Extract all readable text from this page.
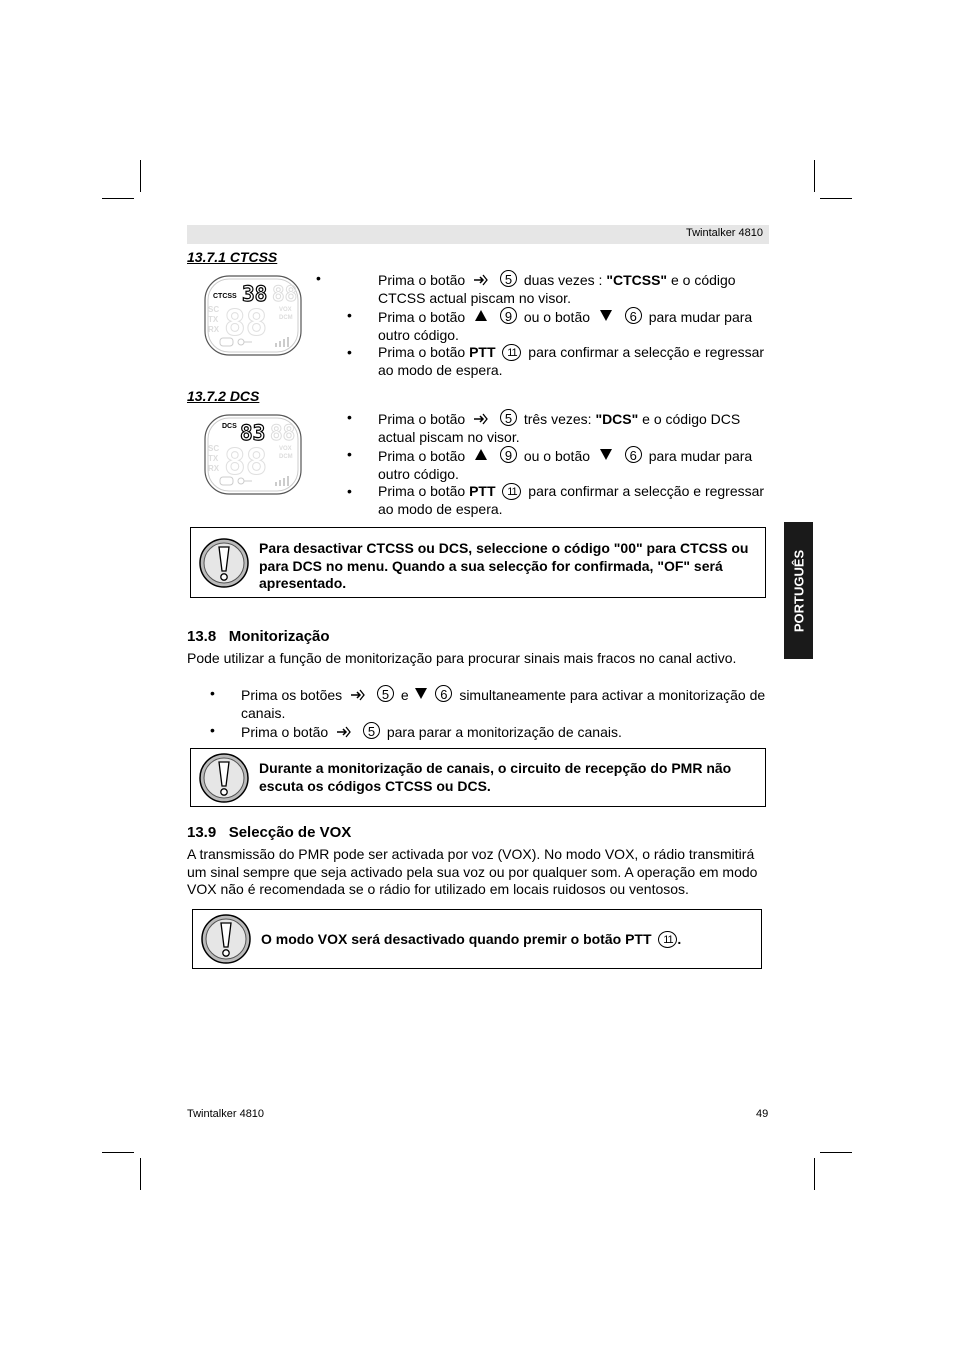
Twintalker 4810
PORTUGUÊS
13.7.1 CTCSS
CTCSS 38 88
SC
TX
RX 88 VOX
DCM
•	Prima o botão	5 duas vezes : "CTCSS" e o código CTCSS actual piscam no visor.
• Prima o botão	9 ou o botão	6 para mudar para outro código.
• Prima o botão PTT 11 para confirmar a selecção e regressar ao modo de espera.
13.7.2 DCS
DCS 83 88
SC
TX
RX 88 VOX
DCM
• Prima o botão	5 três vezes: "DCS" e o código DCS actual piscam no visor.
• Prima o botão	9 ou o botão	6 para mudar para outro código.
• Prima o botão PTT 11 para confirmar a selecção e regressar ao modo de espera.
Para desactivar CTCSS ou DCS, seleccione o código "00" para CTCSS ou para DCS no menu. Quando a sua selecção for confirmada, "OF" será apresentado.
13.8   Monitorização
Pode utilizar a função de monitorização para procurar sinais mais fracos no canal activo.
• Prima os botões	5 e 6 simultaneamente para activar a monitorização de canais.
• Prima o botão	5 para parar a monitorização de canais.
Durante a monitorização de canais, o circuito de recepção do PMR não escuta os códigos CTCSS ou DCS.
13.9   Selecção de VOX
A transmissão do PMR pode ser activada por voz (VOX). No modo VOX, o rádio transmitirá um sinal sempre que seja activado pela sua voz ou por qualquer som. A operação em modo VOX não é recomendada se o rádio for utilizado em locais ruidosos ou ventosos.
O modo VOX será desactivado quando premir o botão PTT 11 .
Twintalker 4810	49
